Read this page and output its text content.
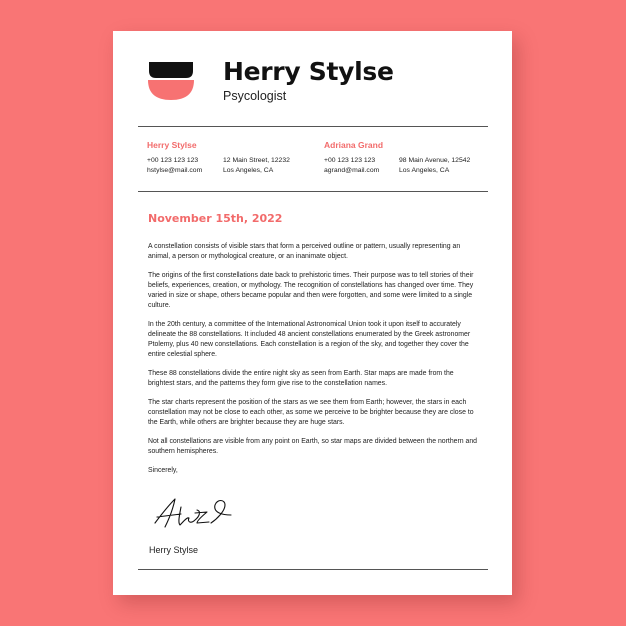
Herry Stylse
Psycologist
Herry Stylse
+00 123 123 123
hstylse@mail.com
12 Main Street, 12232
Los Angeles, CA
Adriana Grand
+00 123 123 123
agrand@mail.com
98 Main Avenue, 12542
Los Angeles, CA
November 15th, 2022

A constellation consists of visible stars that form a perceived outline or pattern, usually representing an animal, a person or mythological creature, or an inanimate object.

The origins of the first constellations date back to prehistoric times. Their purpose was to tell stories of their beliefs, experiences, creation, or mythology. The recognition of constellations has changed over time. They varied in size or shape, others became popular and then were forgotten, and some were limited to a single culture.

In the 20th century, a committee of the International Astronomical Union took it upon itself to accurately delineate the 88 constellations. It included 48 ancient constellations enumerated by the Greek astronomer Ptolemy, plus 40 new constellations. Each constellation is a region of the sky, and together they cover the entire celestial sphere.

These 88 constellations divide the entire night sky as seen from Earth. Star maps are made from the brightest stars, and the patterns they form give rise to the constellation names.

The star charts represent the position of the stars as we see them from Earth; however, the stars in each constellation may not be close to each other, as some we perceive to be brighter because they are close to the Earth, while others are brighter because they are huge stars.

Not all constellations are visible from any point on Earth, so star maps are divided between the northern and southern hemispheres.

Sincerely,

Herry Stylse
